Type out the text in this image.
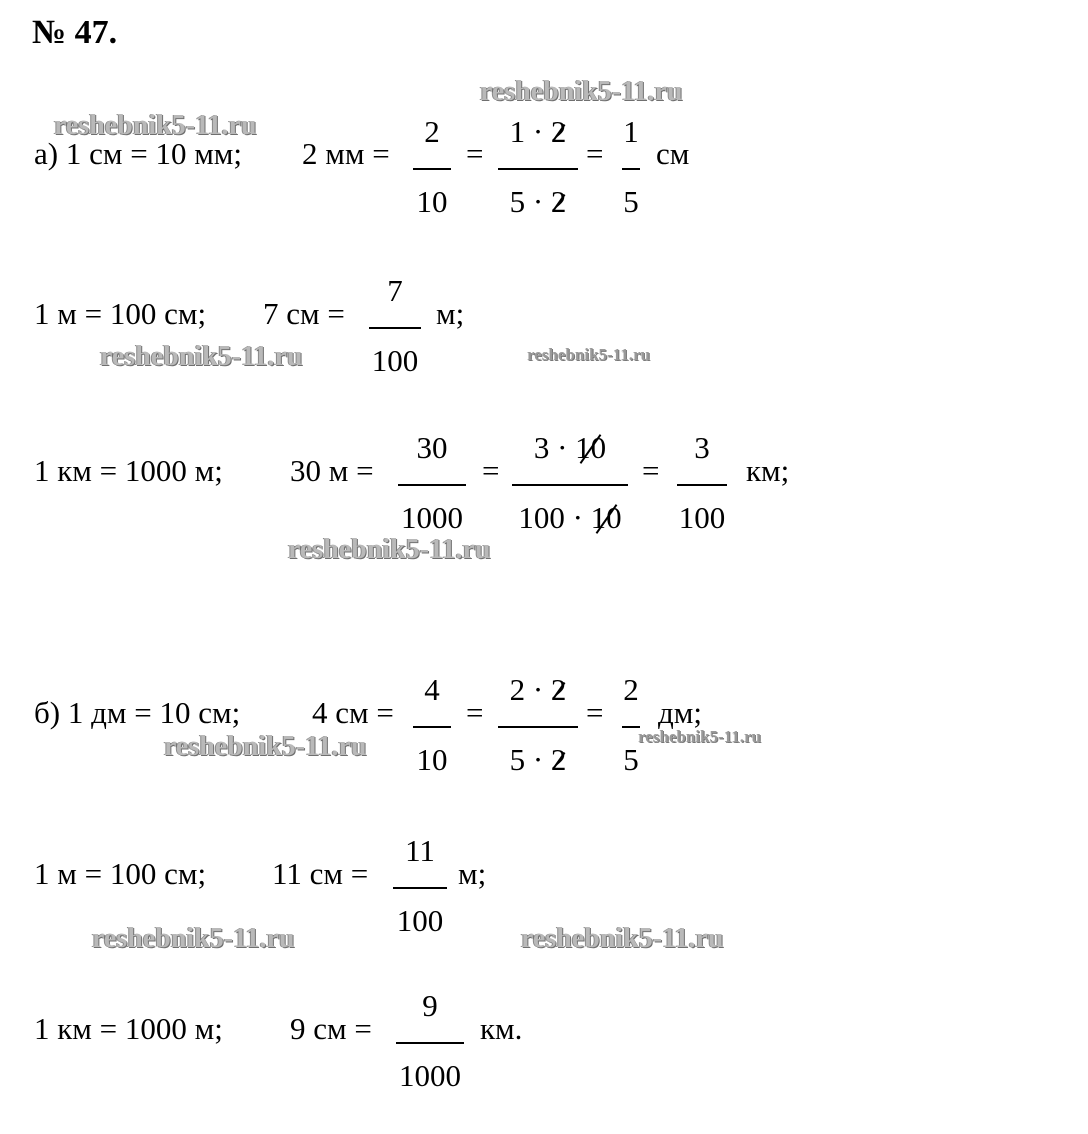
№ 47.
а) 1 см = 10 мм; 2 мм =
2
10
=
1 · 2
5 · 2
=
1
5
см
1 м = 100 см; 7 см =
7
100
м;
1 км = 1000 м; 30 м =
30
1000
=
3 · 10
100 · 10
=
3
100
км;
б) 1 дм = 10 см; 4 см =
4
10
=
2 · 2
5 · 2
=
2
5
дм;
1 м = 100 см; 11 см =
11
100
м;
1 км = 1000 м; 9 см =
9
1000
км.
reshebnik5-11.ru
reshebnik5-11.ru
reshebnik5-11.ru	reshebnik5-11.ru
reshebnik5-11.ru
reshebnik5-11.ru	reshebnik5-11.ru
reshebnik5-11.ru	reshebnik5-11.ru
